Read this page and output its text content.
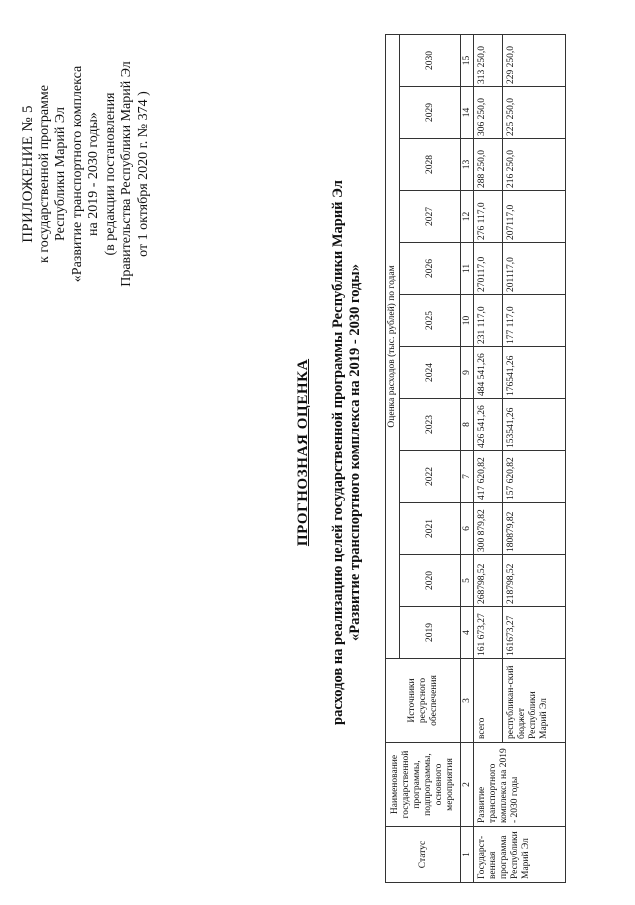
ПРИЛОЖЕНИЕ № 5 к государственной программе Республики Марий Эл «Развитие транспортного комплекса на 2019 - 2030 годы» (в редакции постановления Правительства Республики Марий Эл от 1 октября 2020 г. № 374 )
ПРОГНОЗНАЯ ОЦЕНКА расходов на реализацию целей государственной программы Республики Марий Эл «Развитие транспортного комплекса на 2019 - 2030 годы»
Статус	Наименование государственной программы, подпрограммы, основного мероприятия	Источники ресурсного обеспечения	Оценка расходов (тыс. рублей) по годам											
			2019	2020	2021	2022	2023	2024	2025	2026	2027	2028	2029	2030
1	2	3	4	5	6	7	8	9	10	11	12	13	14	15
Государст-венная программа Республики Марий Эл	Развитие транспортного комплекса на 2019 - 2030 годы	всего	161 673,27	268798,52	300 879,82	417 620,82	426 541,26	484 541,26	231 117,0	270117,0	276 117,0	288 250,0	306 250,0	313 250,0
		республикан-ский бюджет Республики Марий Эл	161673,27	218798,52	180879,82	157 620,82	153541,26	176541,26	177 117,0	201117,0	207117,0	216 250,0	225 250,0	229 250,0
